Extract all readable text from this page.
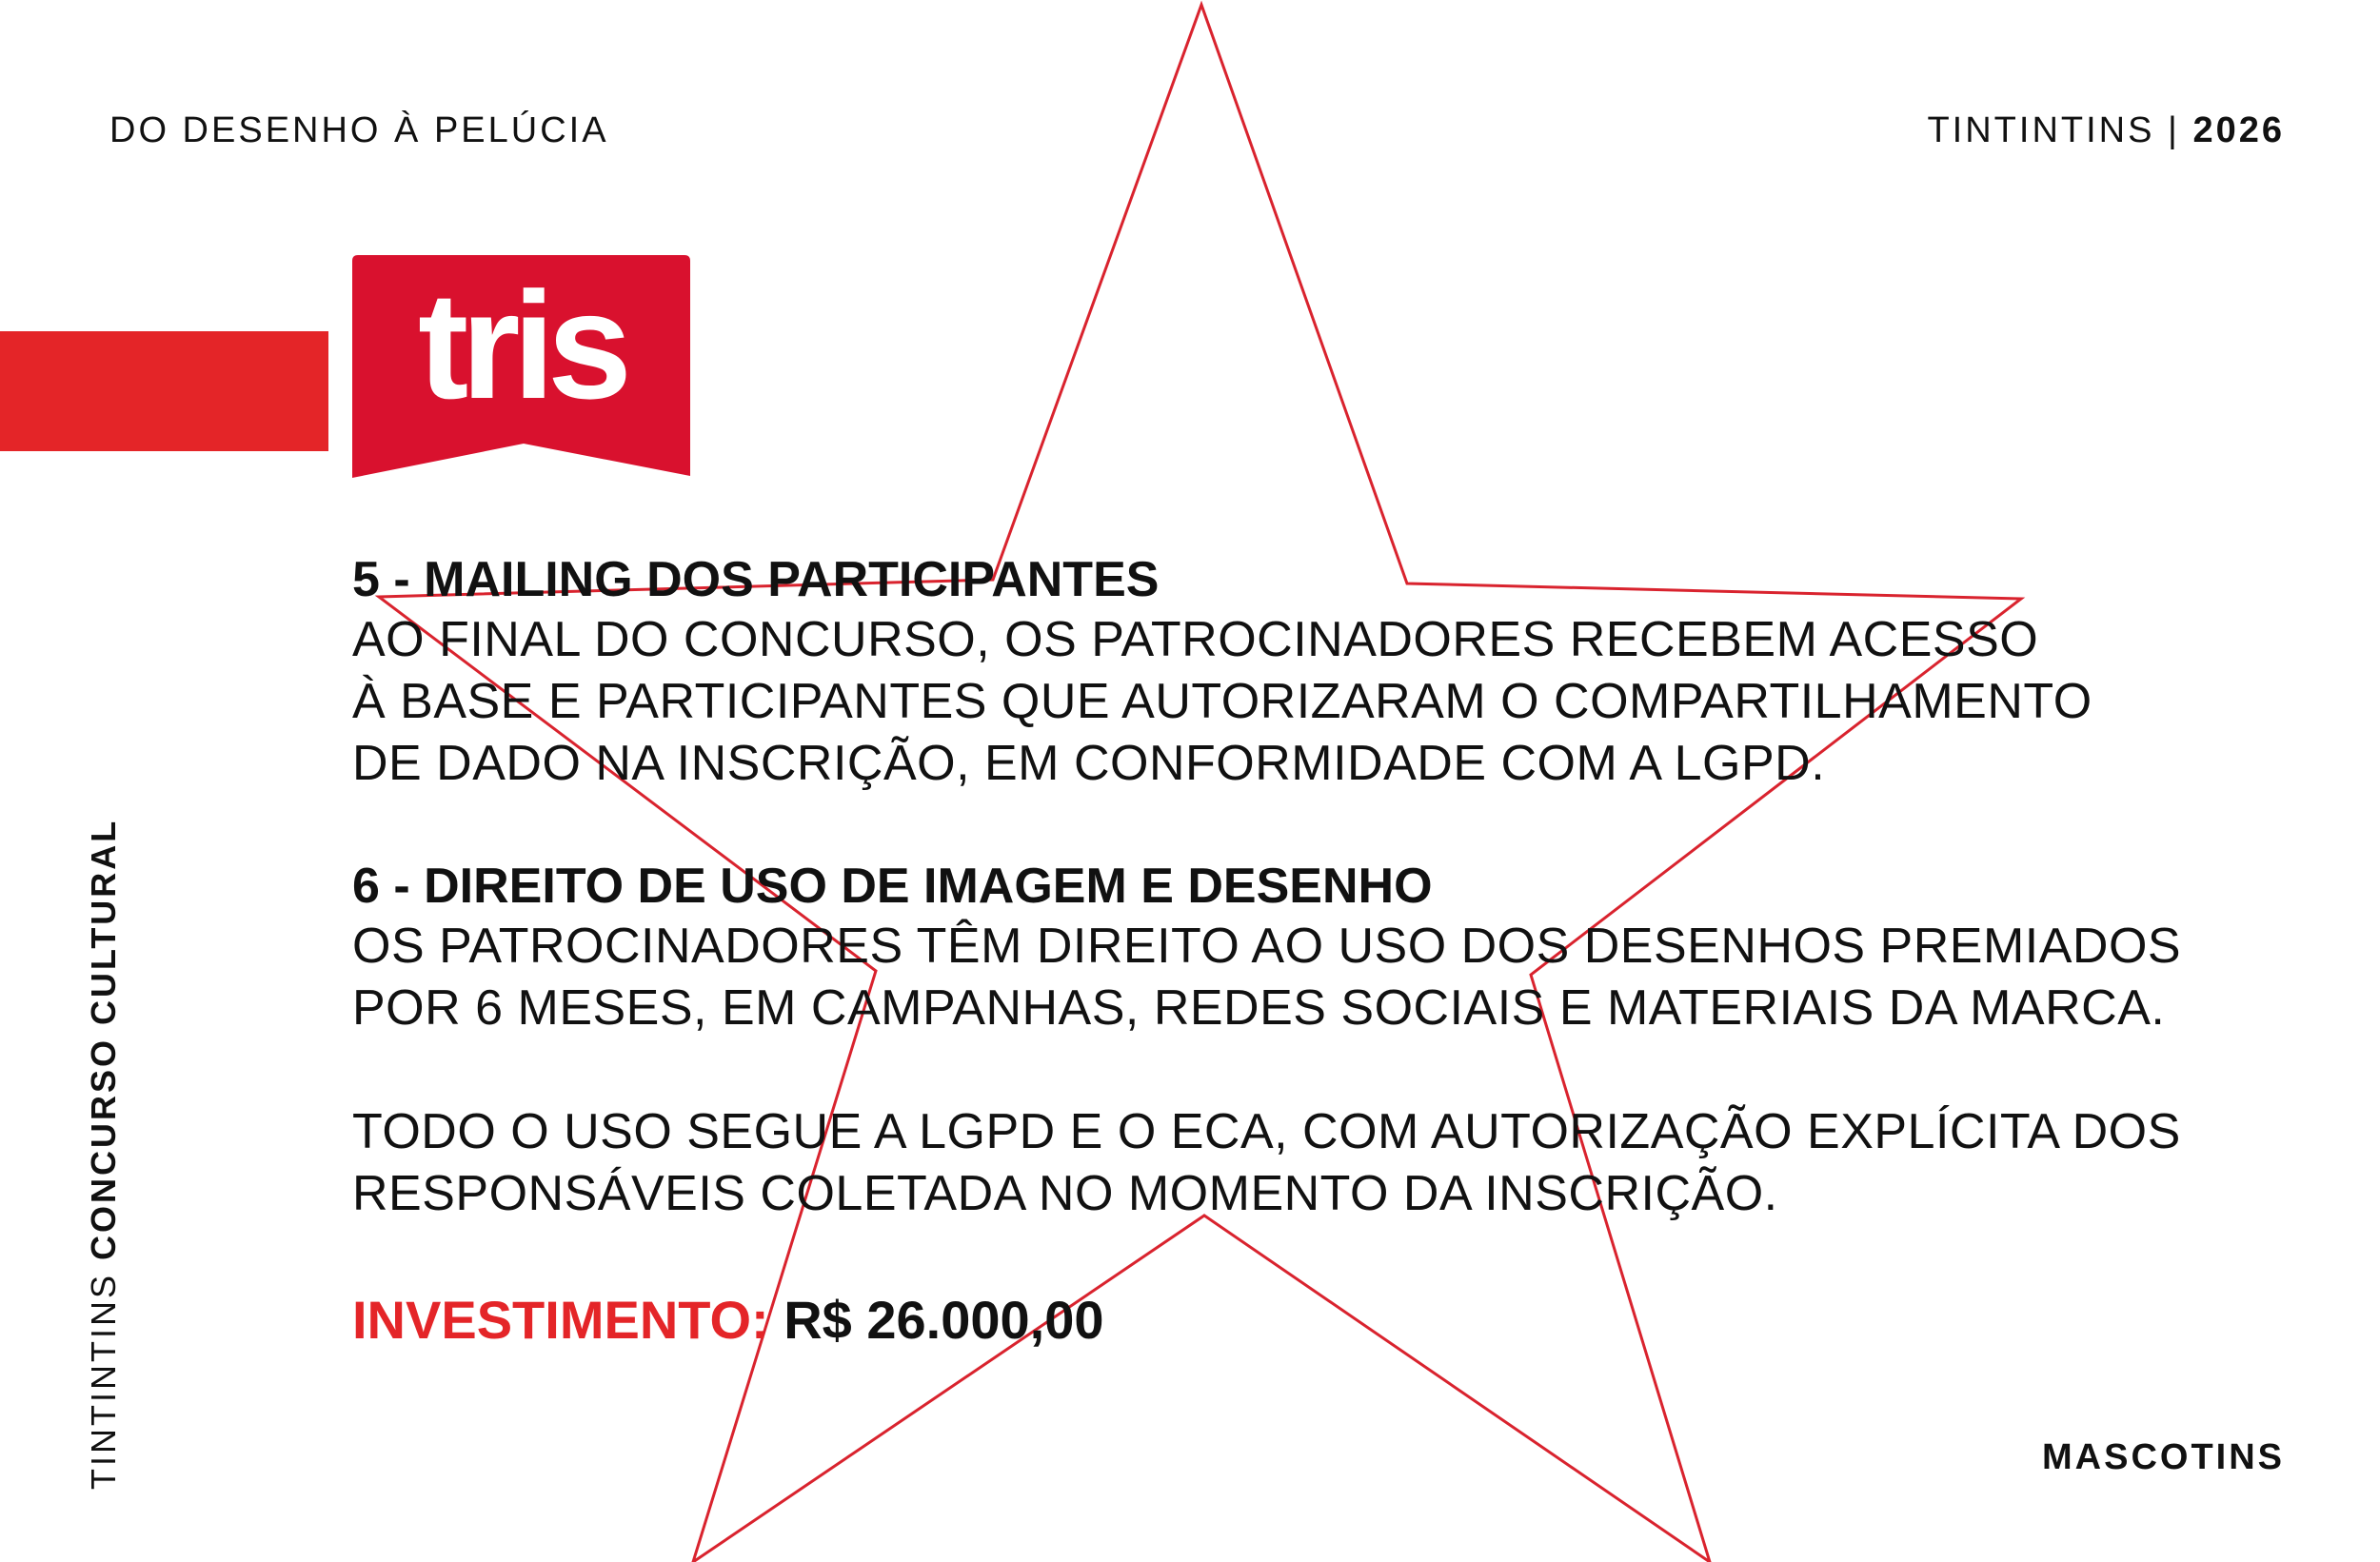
DO DESENHO À PELÚCIA	TINTINTINS | 2026
tris
TINTINTINS CONCURSO CULTURAL

5 - MAILING DOS PARTICIPANTES

AO FINAL DO CONCURSO, OS PATROCINADORES RECEBEM ACESSO

À BASE E PARTICIPANTES QUE AUTORIZARAM O COMPARTILHAMENTO

DE DADO NA INSCRIÇÃO, EM CONFORMIDADE COM A LGPD.

6 - DIREITO DE USO DE IMAGEM E DESENHO

OS PATROCINADORES TÊM DIREITO AO USO DOS DESENHOS PREMIADOS

POR 6 MESES, EM CAMPANHAS, REDES SOCIAIS E MATERIAIS DA MARCA.

TODO O USO SEGUE A LGPD E O ECA, COM AUTORIZAÇÃO EXPLÍCITA DOS

RESPONSÁVEIS COLETADA NO MOMENTO DA INSCRIÇÃO.

INVESTIMENTO: R$ 26.000,00

MASCOTINS
